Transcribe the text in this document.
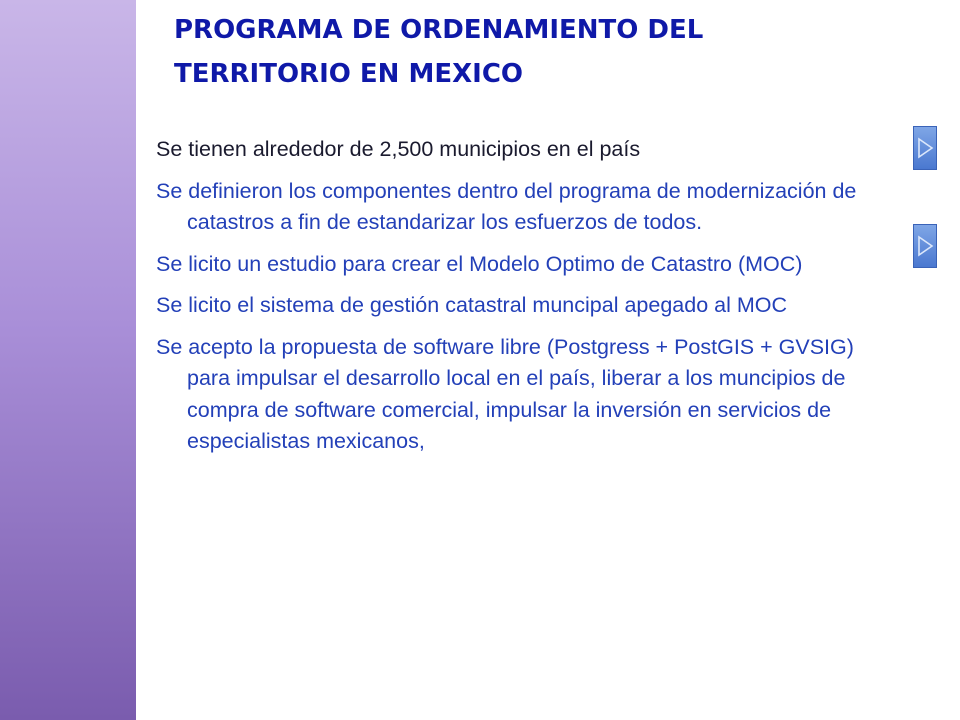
PROGRAMA DE ORDENAMIENTO DEL
TERRITORIO EN MEXICO
Se tienen alrededor de 2,500 municipios en el país
Se definieron los componentes dentro del programa de modernización de catastros a fin de estandarizar los esfuerzos de todos.
Se licito un estudio para crear el Modelo Optimo de Catastro (MOC)
Se licito el sistema de gestión catastral muncipal apegado al MOC
Se acepto la propuesta de software libre (Postgress + PostGIS + GVSIG) para impulsar el desarrollo local en el país, liberar a los muncipios de compra de software comercial, impulsar la inversión en servicios de especialistas mexicanos,
